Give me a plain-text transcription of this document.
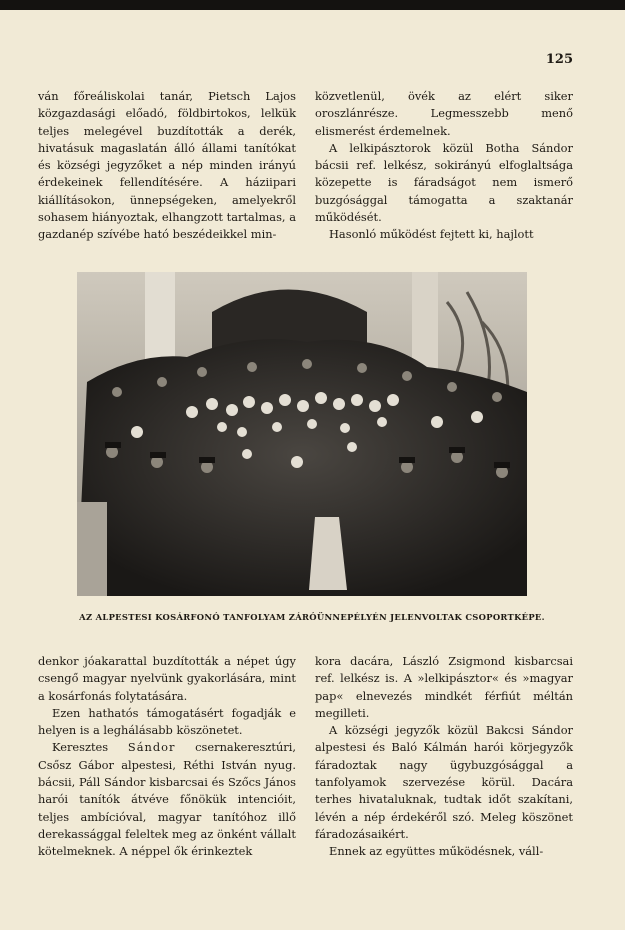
125

ván főreáliskolai tanár, Pietsch Lajos közgazdasági előadó, földbirtokos, lelkük teljes melegével buzdították a derék, hivatásuk magaslatán álló állami tanítókat és községi jegyzőket a nép minden irányú érdekeinek fellendítésére. A háziipari kiállításokon, ünnepségeken, amelyekről sohasem hiányoztak, elhangzott tartalmas, a gazdanép szívébe ható beszédeikkel min-

közvetlenül, övék az elért siker oroszlánrésze. Legmesszebb menő elismerést érdemelnek.

A lelkipásztorok közül Botha Sándor bácsii ref. lelkész, sokirányú elfoglaltsága közepette is fáradságot nem ismerő buzgósággal támogatta a szaktanár működését.

Hasonló működést fejtett ki, hajlott

AZ ALPESTESI KOSÁRFONÓ TANFOLYAM ZÁRÓÜNNEPÉLYÉN JELENVOLTAK CSOPORTKÉPE.

denkor jóakarattal buzdították a népet úgy csengő magyar nyelvünk gyakorlására, mint a kosárfonás folytatására.

Ezen hathatós támogatásért fogadják e helyen is a leghálásabb köszönetet.

Keresztes Sándor csernakeresztúri, Csősz Gábor alpestesi, Réthi István nyug. bácsii, Páll Sándor kisbarcsai és Szőcs János harói tanítók átvéve főnökük intencióit, teljes ambícióval, magyar tanítóhoz illő derekassággal feleltek meg az önként vállalt kötelmeknek. A néppel ők érinkeztek

kora dacára, László Zsigmond kisbarcsai ref. lelkész is. A »lelkipásztor« és »magyar pap« elnevezés mindkét férfiút méltán megilleti.

A községi jegyzők közül Bakcsi Sándor alpestesi és Baló Kálmán harói körjegyzők fáradoztak nagy ügybuzgósággal a tanfolyamok szervezése körül. Dacára terhes hivataluknak, tudtak időt szakítani, lévén a nép érdekéről szó. Meleg köszönet fáradozásaikért.

Ennek az együttes működésnek, váll-
